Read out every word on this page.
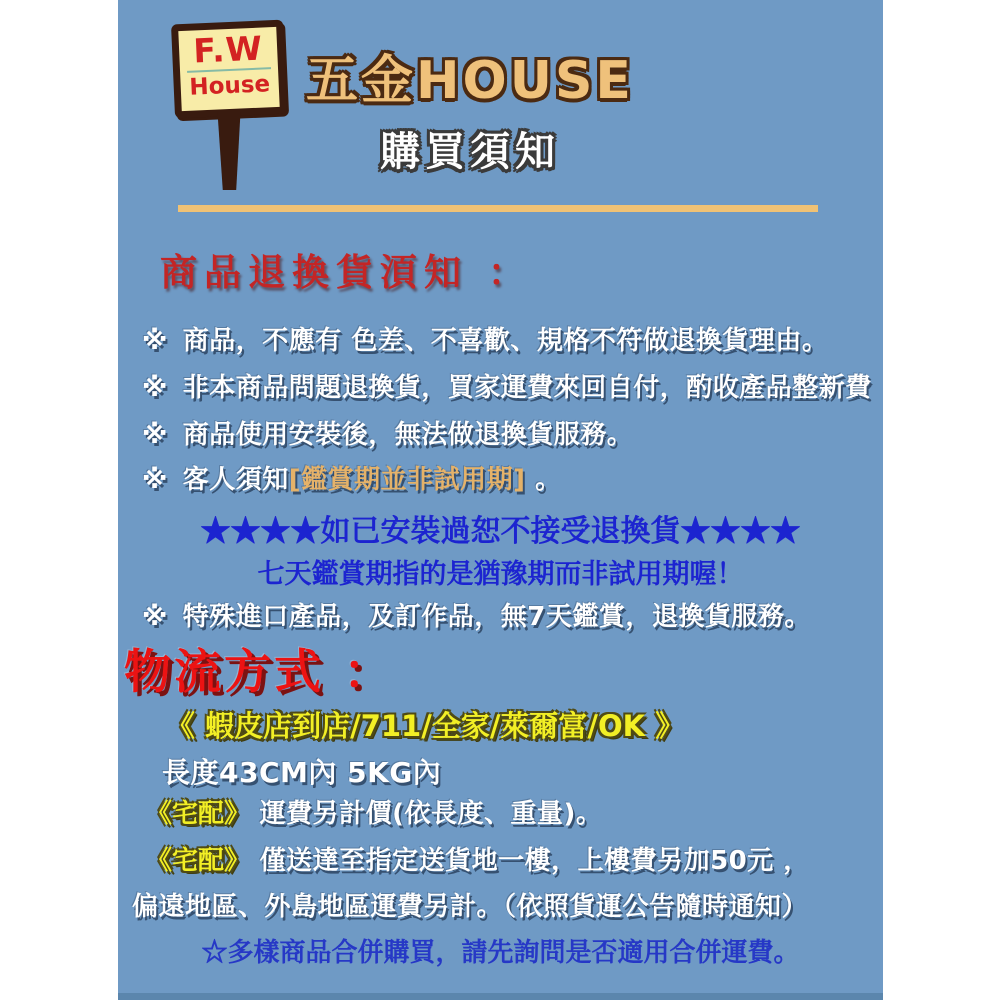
F.W
House 五金HOUSE
購買須知
商品退換貨湏知 ：
※ 商品，不應有 色差、不喜歡、規格不符做退換貨理由。
※ 非本商品問題退換貨，買家運費來回自付，酌收產品整新費
※ 商品使用安裝後，無法做退換貨服務。
※ 客人須知[鑑賞期並非試用期] 。
★★★★如已安裝過恕不接受退換貨★★★★
七天鑑賞期指的是猶豫期而非試用期喔！
※ 特殊進口產品，及訂作品，無7天鑑賞，退換貨服務。
物流方式 ：
《 蝦皮店到店/711/全家/萊爾富/OK 》
長度43CM內 5KG內
《宅配》 運費另計價(依長度、重量)。
《宅配》 僅送達至指定送貨地一樓，上樓費另加50元 ，
偏遠地區、外島地區運費另計。（依照貨運公告隨時通知）
☆多樣商品合併購買，請先詢問是否適用合併運費。
